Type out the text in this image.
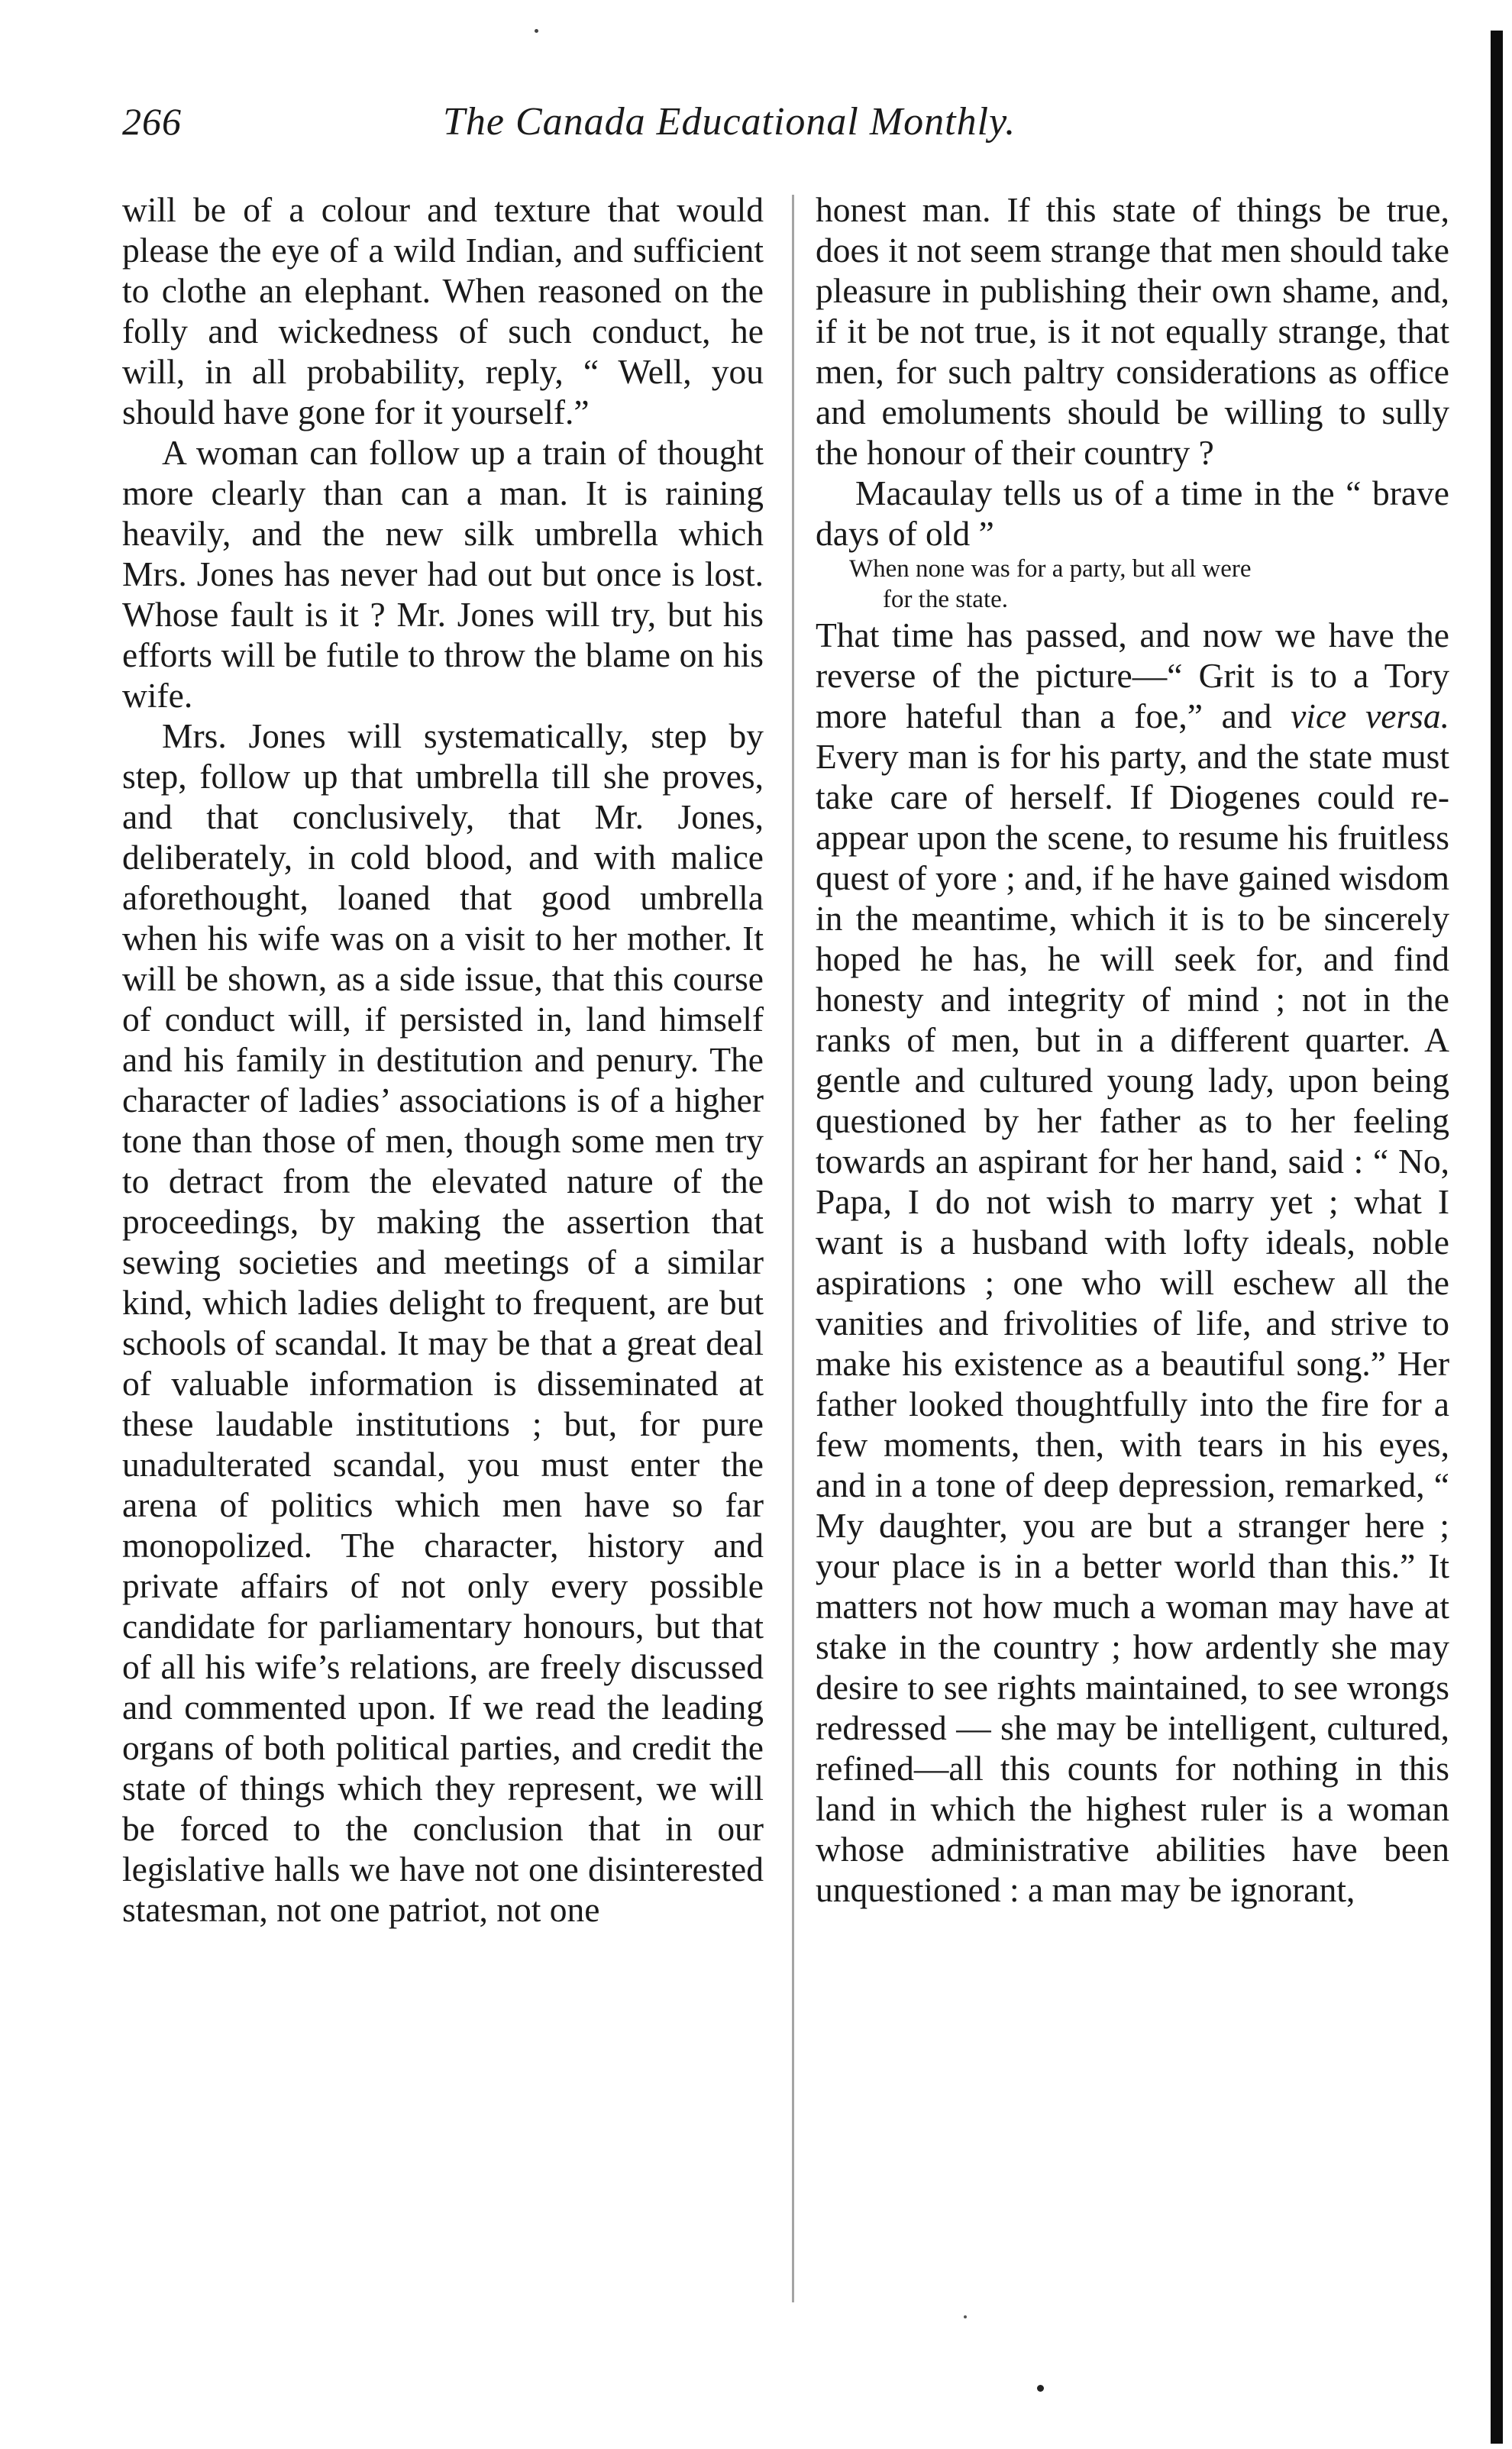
266	The Canada Educational Monthly.

will be of a colour and texture that would please the eye of a wild Indian, and sufficient to clothe an elephant. When reasoned on the folly and wickedness of such conduct, he will, in all probability, reply, “ Well, you should have gone for it yourself.”

A woman can follow up a train of thought more clearly than can a man. It is raining heavily, and the new silk umbrella which Mrs. Jones has never had out but once is lost. Whose fault is it ? Mr. Jones will try, but his efforts will be futile to throw the blame on his wife.

Mrs. Jones will systematically, step by step, follow up that umbrella till she proves, and that conclusively, that Mr. Jones, deliberately, in cold blood, and with malice aforethought, loaned that good umbrella when his wife was on a visit to her mother. It will be shown, as a side issue, that this course of conduct will, if persisted in, land himself and his family in destitution and penury. The character of ladies’ associations is of a higher tone than those of men, though some men try to detract from the elevated nature of the proceedings, by making the assertion that sewing societies and meetings of a similar kind, which ladies delight to frequent, are but schools of scandal. It may be that a great deal of valuable information is disseminated at these laudable institutions ; but, for pure unadulterated scandal, you must enter the arena of politics which men have so far monopolized. The character, history and private affairs of not only every possible candidate for parliamentary honours, but that of all his wife’s relations, are freely discussed and commented upon. If we read the leading organs of both political parties, and credit the state of things which they represent, we will be forced to the conclusion that in our legislative halls we have not one disinterested statesman, not one patriot, not one

honest man. If this state of things be true, does it not seem strange that men should take pleasure in publishing their own shame, and, if it be not true, is it not equally strange, that men, for such paltry considerations as office and emoluments should be willing to sully the honour of their country ?

Macaulay tells us of a time in the “ brave days of old ”

When none was for a party, but all were
for the state.

That time has passed, and now we have the reverse of the picture—“ Grit is to a Tory more hateful than a foe,” and vice versa. Every man is for his party, and the state must take care of herself. If Diogenes could re-appear upon the scene, to resume his fruitless quest of yore ; and, if he have gained wisdom in the meantime, which it is to be sincerely hoped he has, he will seek for, and find honesty and integrity of mind ; not in the ranks of men, but in a different quarter. A gentle and cultured young lady, upon being questioned by her father as to her feeling towards an aspirant for her hand, said : “ No, Papa, I do not wish to marry yet ; what I want is a husband with lofty ideals, noble aspirations ; one who will eschew all the vanities and frivolities of life, and strive to make his existence as a beautiful song.” Her father looked thoughtfully into the fire for a few moments, then, with tears in his eyes, and in a tone of deep depression, remarked, “ My daughter, you are but a stranger here ; your place is in a better world than this.” It matters not how much a woman may have at stake in the country ; how ardently she may desire to see rights maintained, to see wrongs redressed — she may be intelligent, cultured, refined—all this counts for nothing in this land in which the highest ruler is a woman whose administrative abilities have been unquestioned : a man may be ignorant,
